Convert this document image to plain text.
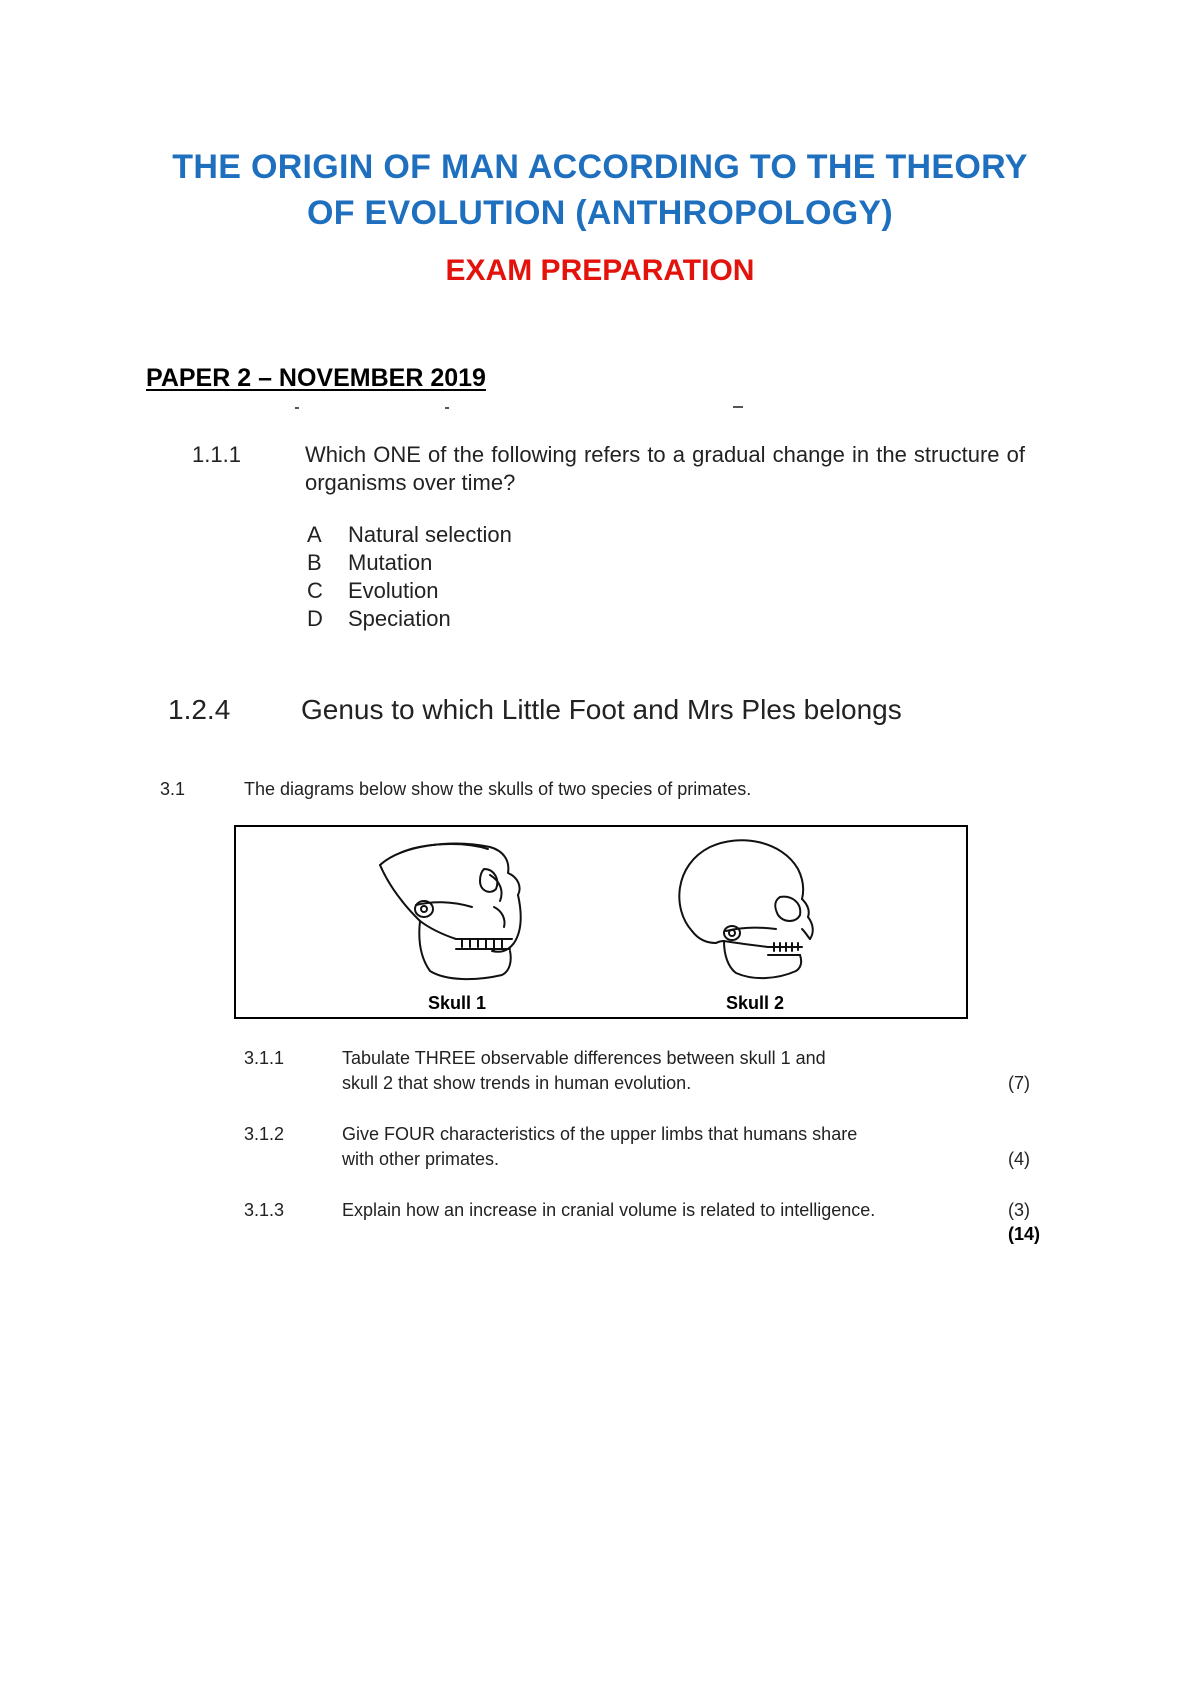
THE ORIGIN OF MAN ACCORDING TO THE THEORY
OF EVOLUTION (ANTHROPOLOGY)
EXAM PREPARATION
PAPER 2 – NOVEMBER 2019
1.1.1	Which ONE of the following refers to a gradual change in the structure of organisms over time?
A Natural selection
B Mutation
C Evolution
D Speciation
1.2.4	Genus to which Little Foot and Mrs Ples belongs
3.1	The diagrams below show the skulls of two species of primates.
Skull 1	Skull 2
3.1.1	Tabulate THREE observable differences between skull 1 and
skull 2 that show trends in human evolution.	(7)
3.1.2	Give FOUR characteristics of the upper limbs that humans share
with other primates.	(4)
3.1.3	Explain how an increase in cranial volume is related to intelligence.	(3)
(14)
